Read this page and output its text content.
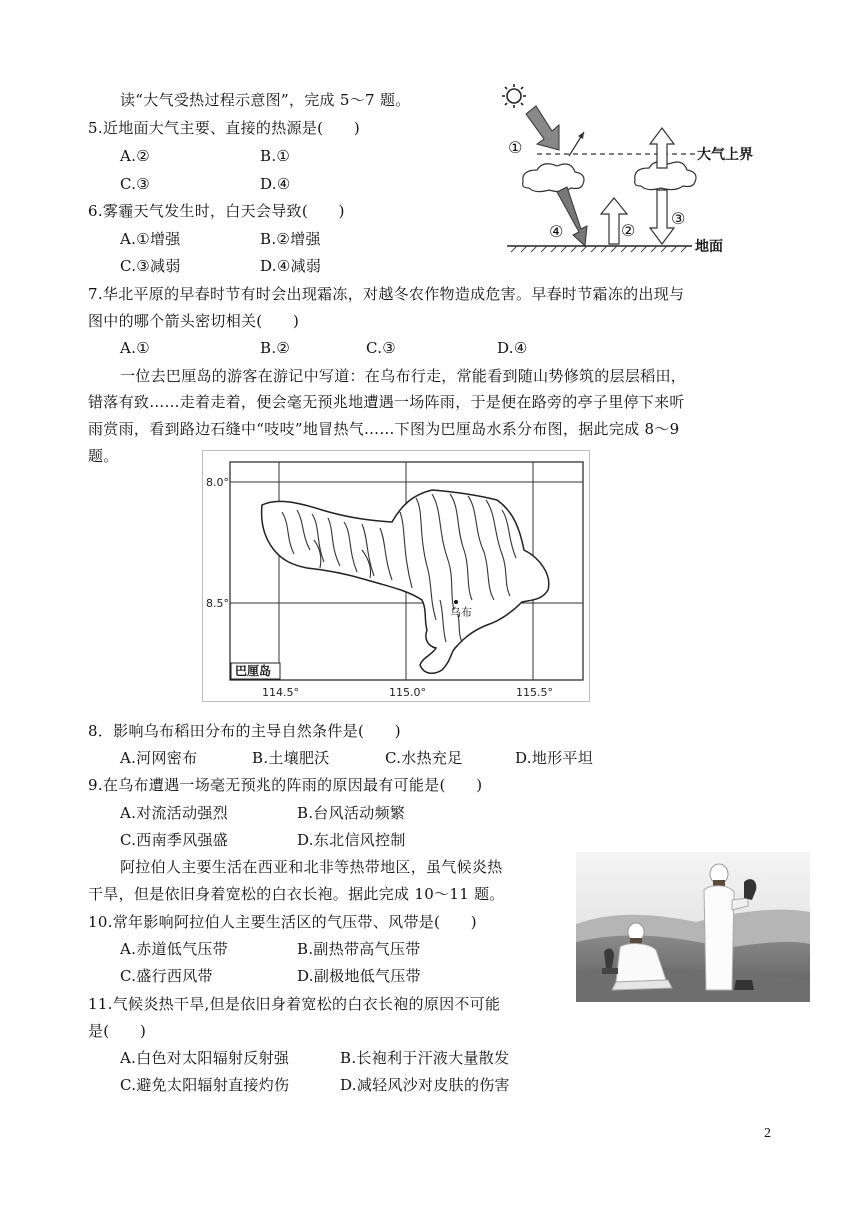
读“大气受热过程示意图”，完成 5～7 题。
5.近地面大气主要、直接的热源是(　　)
A.②	B.①
C.③	D.④
6.雾霾天气发生时，白天会导致(　　)
A.①增强	B.②增强
C.③减弱	D.④减弱
大气上界
①
④	②
③
地面
7.华北平原的早春时节有时会出现霜冻，对越冬农作物造成危害。早春时节霜冻的出现与
图中的哪个箭头密切相关(　　)
A.①	B.②	C.③	D.④
一位去巴厘岛的游客在游记中写道：在乌布行走，常能看到随山势修筑的层层稻田，
错落有致……走着走着，便会毫无预兆地遭遇一场阵雨，于是便在路旁的亭子里停下来听
雨赏雨，看到路边石缝中“吱吱”地冒热气……下图为巴厘岛水系分布图，据此完成 8～9
题。
8.0°
8.5°
114.5°	115.0°	115.5°
乌布
巴厘岛
8．影响乌布稻田分布的主导自然条件是(　　)
A.河网密布	B.土壤肥沃	C.水热充足	D.地形平坦
9.在乌布遭遇一场毫无预兆的阵雨的原因最有可能是(　　)
A.对流活动强烈	B.台风活动频繁
C.西南季风强盛	D.东北信风控制
阿拉伯人主要生活在西亚和北非等热带地区，虽气候炎热
干旱，但是依旧身着宽松的白衣长袍。据此完成 10～11 题。
10.常年影响阿拉伯人主要生活区的气压带、风带是(　　)
A.赤道低气压带	B.副热带高气压带
C.盛行西风带	D.副极地低气压带
11.气候炎热干旱,但是依旧身着宽松的白衣长袍的原因不可能
是(　　)
A.白色对太阳辐射反射强	B.长袍利于汗液大量散发
C.避免太阳辐射直接灼伤	D.减轻风沙对皮肤的伤害
2
